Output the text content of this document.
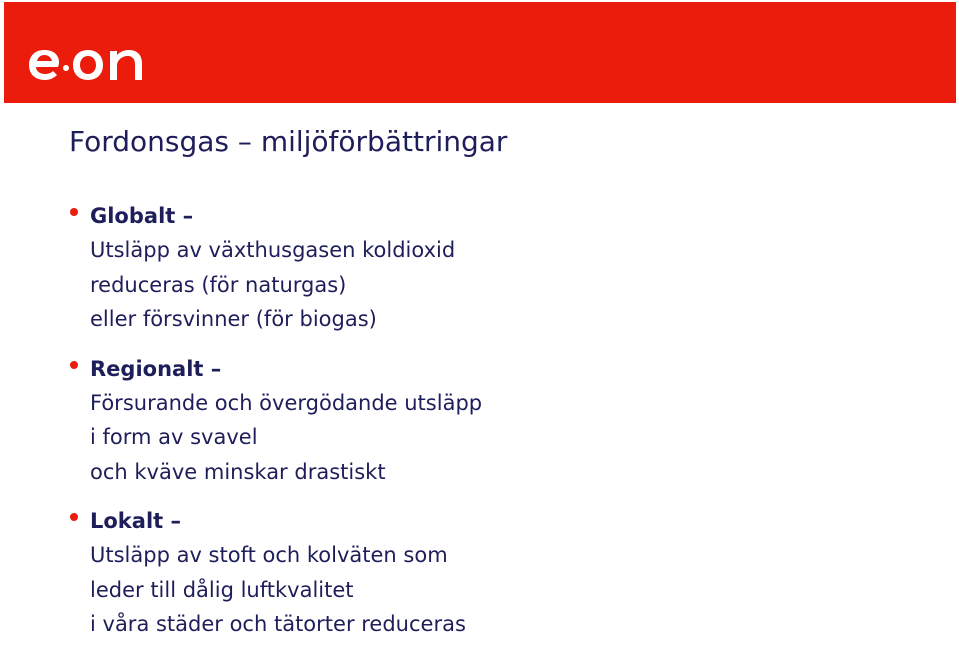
Fordonsgas – miljöförbättringar
Globalt –
Utsläpp av växthusgasen koldioxid
reduceras (för naturgas)
eller försvinner (för biogas)
Regionalt –
Försurande och övergödande utsläpp
i form av svavel
och kväve minskar drastiskt
Lokalt –
Utsläpp av stoft och kolväten som
leder till dålig luftkvalitet
i våra städer och tätorter reduceras
